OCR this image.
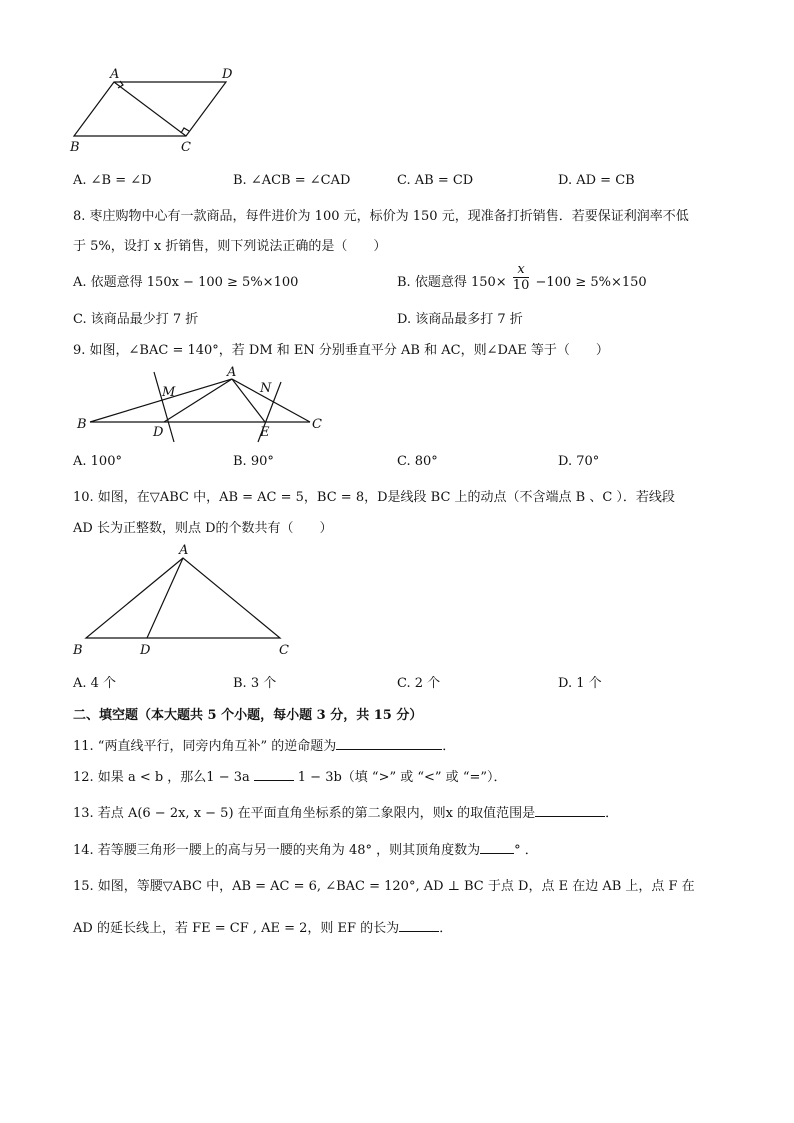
A	D
B	C
A. ∠B = ∠D	B. ∠ACB = ∠CAD	C. AB = CD	D. AD = CB
8. 枣庄购物中心有一款商品，每件进价为 100 元，标价为 150 元，现准备打折销售．若要保证利润率不低
于 5%，设打 x 折销售，则下列说法正确的是（　　）
A. 依题意得 150x − 100 ≥ 5%×100	B. 依题意得 $150\times \frac{x}{10} -100 \ge 5\%\times 150$
C. 该商品最少打 7 折	D. 该商品最多打 7 折
9. 如图，∠BAC = 140°，若 DM 和 EN 分别垂直平分 AB 和 AC，则∠DAE 等于（　　）
A
M	N
B
D	E
C
A. 100°	B. 90°	C. 80°	D. 70°
10. 如图，在▽ABC 中，AB = AC = 5，BC = 8，D是线段 BC 上的动点（不含端点 B 、C ）．若线段
AD 长为正整数，则点 D的个数共有（　　）
A
B	D	C
A. 4 个	B. 3 个	C. 2 个	D. 1 个
二、填空题（本大题共 5 个小题，每小题 3 分，共 15 分）
11. “两直线平行，同旁内角互补” 的逆命题为	．
12. 如果 a < b ，那么1 − 3a	1 − 3b（填 “>” 或 “<” 或 “=”）．
13. 若点 A(6 − 2x, x − 5) 在平面直角坐标系的第二象限内，则x 的取值范围是	．
14. 若等腰三角形一腰上的高与另一腰的夹角为 48° ，则其顶角度数为	° ．
15. 如图，等腰▽ABC 中，AB = AC = 6, ∠BAC = 120°, AD ⊥ BC 于点 D，点 E 在边 AB 上，点 F 在
AD 的延长线上，若 FE = CF , AE = 2，则 EF 的长为	．
